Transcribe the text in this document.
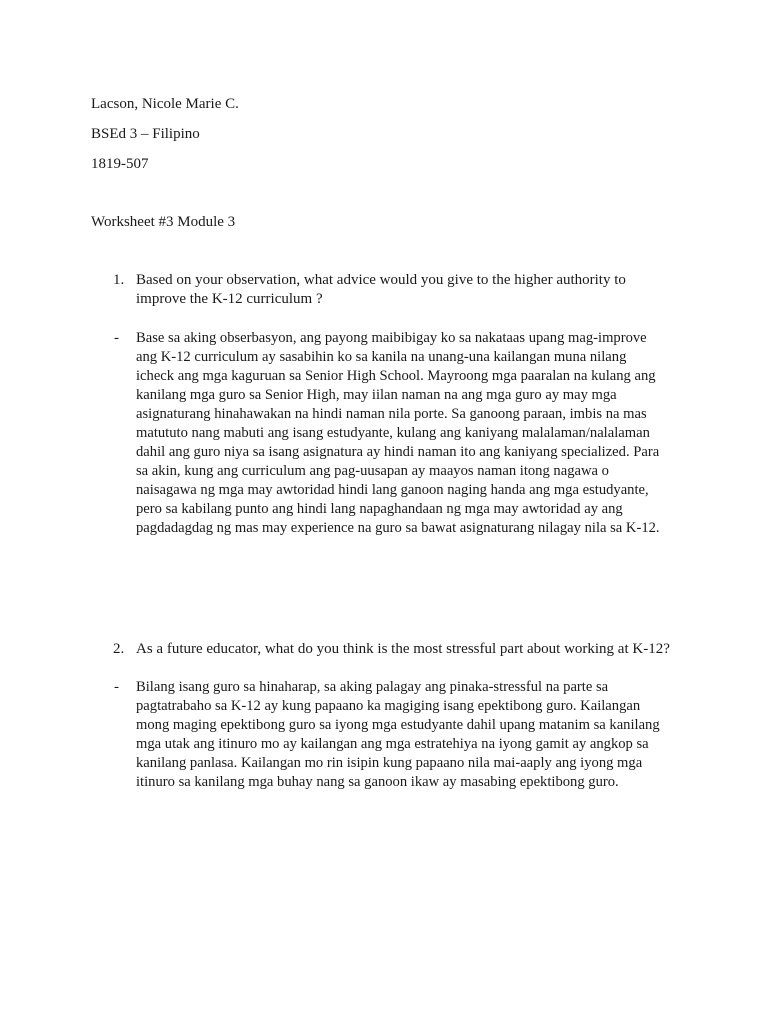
Lacson, Nicole Marie C.
BSEd 3 – Filipino
1819-507
Worksheet #3 Module 3
1. Based on your observation, what advice would you give to the higher authority to
improve the K-12 curriculum ?
- Base sa aking obserbasyon, ang payong maibibigay ko sa nakataas upang mag-improve
ang K-12 curriculum ay sasabihin ko sa kanila na unang-una kailangan muna nilang
icheck ang mga kaguruan sa Senior High School. Mayroong mga paaralan na kulang ang
kanilang mga guro sa Senior High, may iilan naman na ang mga guro ay may mga
asignaturang hinahawakan na hindi naman nila porte. Sa ganoong paraan, imbis na mas
matututo nang mabuti ang isang estudyante, kulang ang kaniyang malalaman/nalalaman
dahil ang guro niya sa isang asignatura ay hindi naman ito ang kaniyang specialized. Para
sa akin, kung ang curriculum ang pag-uusapan ay maayos naman itong nagawa o
naisagawa ng mga may awtoridad hindi lang ganoon naging handa ang mga estudyante,
pero sa kabilang punto ang hindi lang napaghandaan ng mga may awtoridad ay ang
pagdadagdag ng mas may experience na guro sa bawat asignaturang nilagay nila sa K-12.
2. As a future educator, what do you think is the most stressful part about working at K-12?
- Bilang isang guro sa hinaharap, sa aking palagay ang pinaka-stressful na parte sa
pagtatrabaho sa K-12 ay kung papaano ka magiging isang epektibong guro. Kailangan
mong maging epektibong guro sa iyong mga estudyante dahil upang matanim sa kanilang
mga utak ang itinuro mo ay kailangan ang mga estratehiya na iyong gamit ay angkop sa
kanilang panlasa. Kailangan mo rin isipin kung papaano nila mai-aaply ang iyong mga
itinuro sa kanilang mga buhay nang sa ganoon ikaw ay masabing epektibong guro.
